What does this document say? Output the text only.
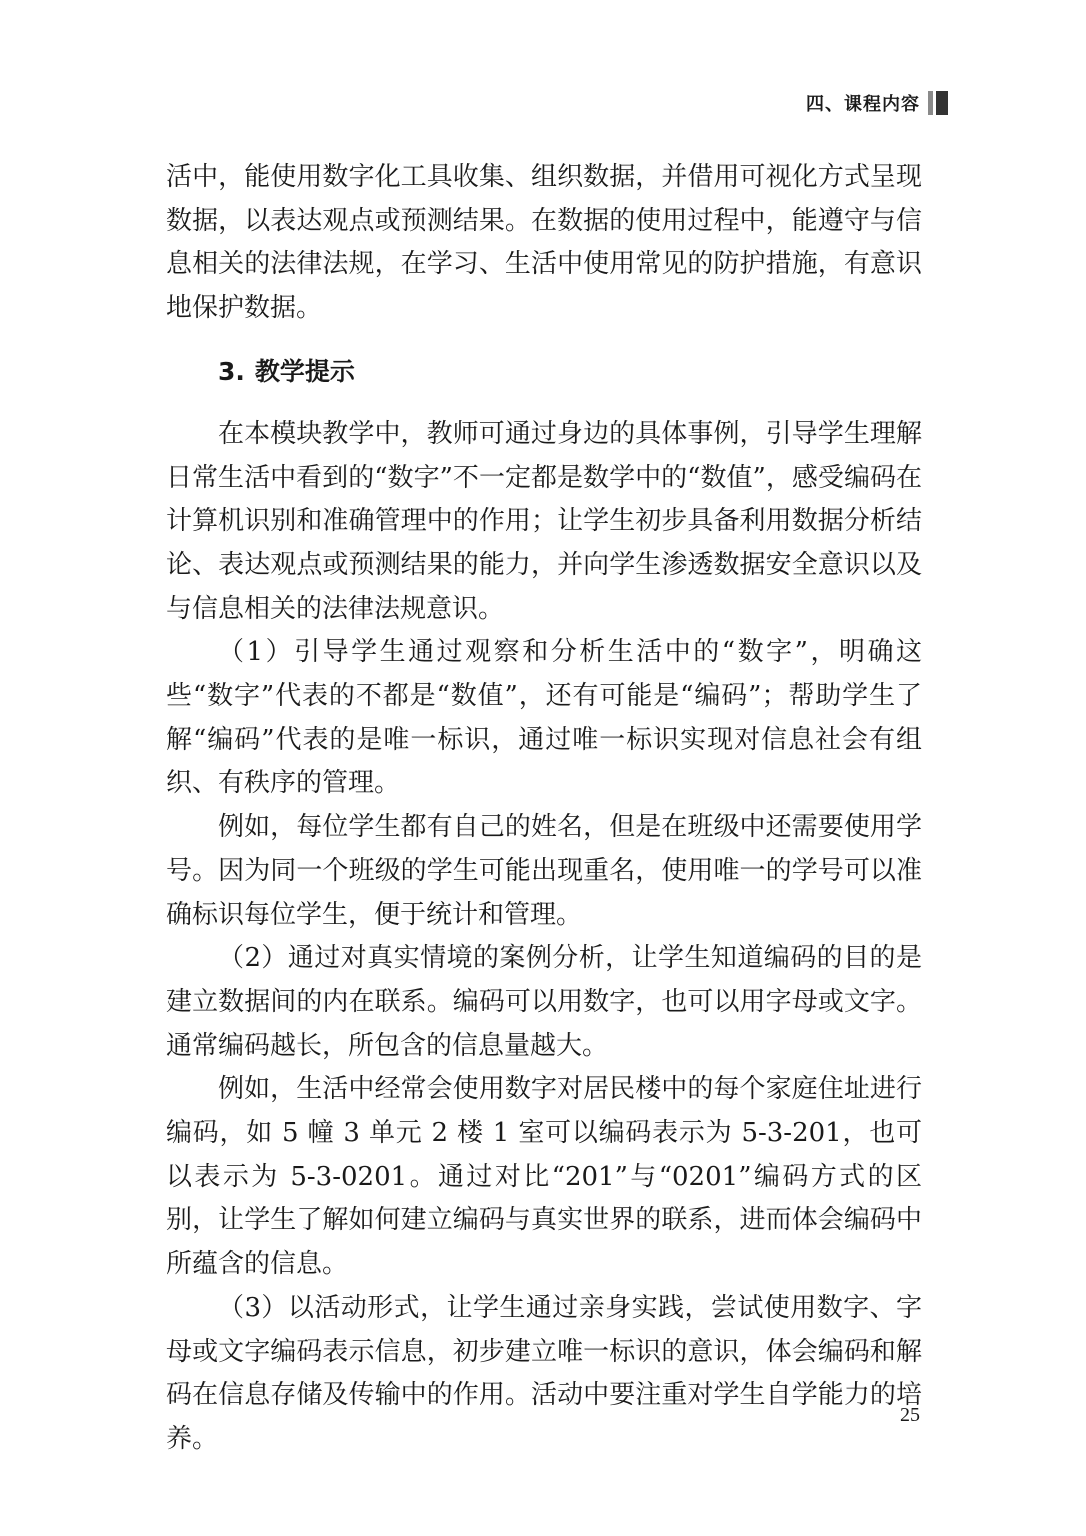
四、课程内容

活中，能使用数字化工具收集、组织数据，并借用可视化方式呈现数据，以表达观点或预测结果。在数据的使用过程中，能遵守与信息相关的法律法规，在学习、生活中使用常见的防护措施，有意识地保护数据。

3. 教学提示

在本模块教学中，教师可通过身边的具体事例，引导学生理解日常生活中看到的“数字”不一定都是数学中的“数值”，感受编码在计算机识别和准确管理中的作用；让学生初步具备利用数据分析结论、表达观点或预测结果的能力，并向学生渗透数据安全意识以及与信息相关的法律法规意识。

（1）引导学生通过观察和分析生活中的“数字”，明确这些“数字”代表的不都是“数值”，还有可能是“编码”；帮助学生了解“编码”代表的是唯一标识，通过唯一标识实现对信息社会有组织、有秩序的管理。

例如，每位学生都有自己的姓名，但是在班级中还需要使用学号。因为同一个班级的学生可能出现重名，使用唯一的学号可以准确标识每位学生，便于统计和管理。

（2）通过对真实情境的案例分析，让学生知道编码的目的是建立数据间的内在联系。编码可以用数字，也可以用字母或文字。通常编码越长，所包含的信息量越大。

例如，生活中经常会使用数字对居民楼中的每个家庭住址进行编码，如 5 幢 3 单元 2 楼 1 室可以编码表示为 5-3-201，也可以表示为 5-3-0201。通过对比“201”与“0201”编码方式的区别，让学生了解如何建立编码与真实世界的联系，进而体会编码中所蕴含的信息。

（3）以活动形式，让学生通过亲身实践，尝试使用数字、字母或文字编码表示信息，初步建立唯一标识的意识，体会编码和解码在信息存储及传输中的作用。活动中要注重对学生自学能力的培养。

25
